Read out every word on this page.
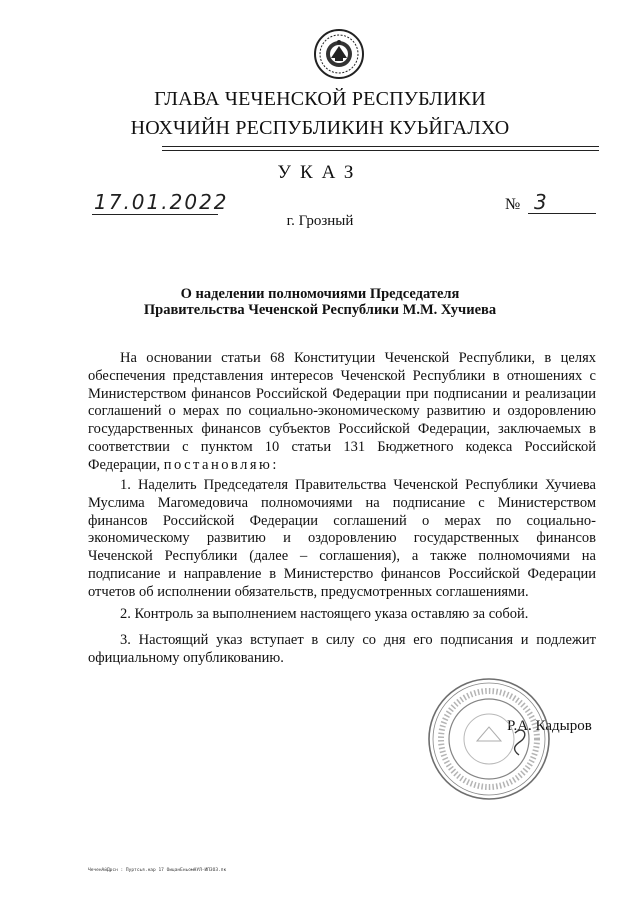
ГЛАВА ЧЕЧЕНСКОЙ РЕСПУБЛИКИ
НОХЧИЙН РЕСПУБЛИКИН КУЬЙГАЛХО
УКАЗ
17.01.2022	№ 3
г. Грозный
О наделении полномочиями Председателя
Правительства Чеченской Республики М.М. Хучиева

На основании статьи 68 Конституции Чеченской Республики, в целях обеспечения представления интересов Чеченской Республики в отношениях с Министерством финансов Российской Федерации при подписании и реализации соглашений о мерах по социально-экономическому развитию и оздоровлению государственных финансов субъектов Российской Федерации, заключаемых в соответствии с пунктом 10 статьи 131 Бюджетного кодекса Российской Федерации, постановляю:

1. Наделить Председателя Правительства Чеченской Республики Хучиева Муслима Магомедовича полномочиями на подписание с Министерством финансов Российской Федерации соглашений о мерах по социально-экономическому развитию и оздоровлению государственных финансов Чеченской Республики (далее – соглашения), а также полномочиями на подписание и направление в Министерство финансов Российской Федерации отчетов об исполнении обязательств, предусмотренных соглашениями.

2. Контроль за выполнением настоящего указа оставляю за собой.

3. Настоящий указ вступает в силу со дня его подписания и подлежит официальному опубликованию.

Р.А. Кадыров
ЧеченАйДрсн : Пуртсья.нар 17 ОицанЕньомНУЛ-ИПЗОЗ.пк
